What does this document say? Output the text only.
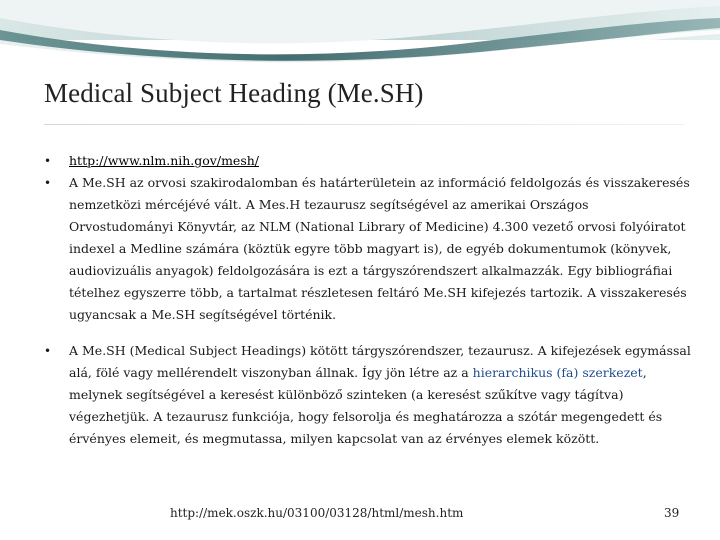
Medical Subject Heading (Me.SH)
• http://www.nlm.nih.gov/mesh/
• A Me.SH az orvosi szakirodalomban és határterületein az információ feldolgozás és visszakeresés nemzetközi mércéjévé vált. A Mes.H tezaurusz segítségével az amerikai Országos Orvostudományi Könyvtár, az NLM (National Library of Medicine) 4.300 vezető orvosi folyóiratot indexel a Medline számára (köztük egyre több magyart is), de egyéb dokumentumok (könyvek, audiovizuális anyagok) feldolgozására is ezt a tárgyszórendszert alkalmazzák. Egy bibliográfiai tételhez egyszerre több, a tartalmat részletesen feltáró Me.SH kifejezés tartozik. A visszakeresés ugyancsak a Me.SH segítségével történik.
• A Me.SH (Medical Subject Headings) kötött tárgyszórendszer, tezaurusz. A kifejezések egymással alá, fölé vagy mellérendelt viszonyban állnak. Így jön létre az a hierarchikus (fa) szerkezet, melynek segítségével a keresést különböző szinteken (a keresést szűkítve vagy tágítva) végezhetjük. A tezaurusz funkciója, hogy felsorolja és meghatározza a szótár megengedett és érvényes elemeit, és megmutassa, milyen kapcsolat van az érvényes elemek között.
http://mek.oszk.hu/03100/03128/html/mesh.htm	39
